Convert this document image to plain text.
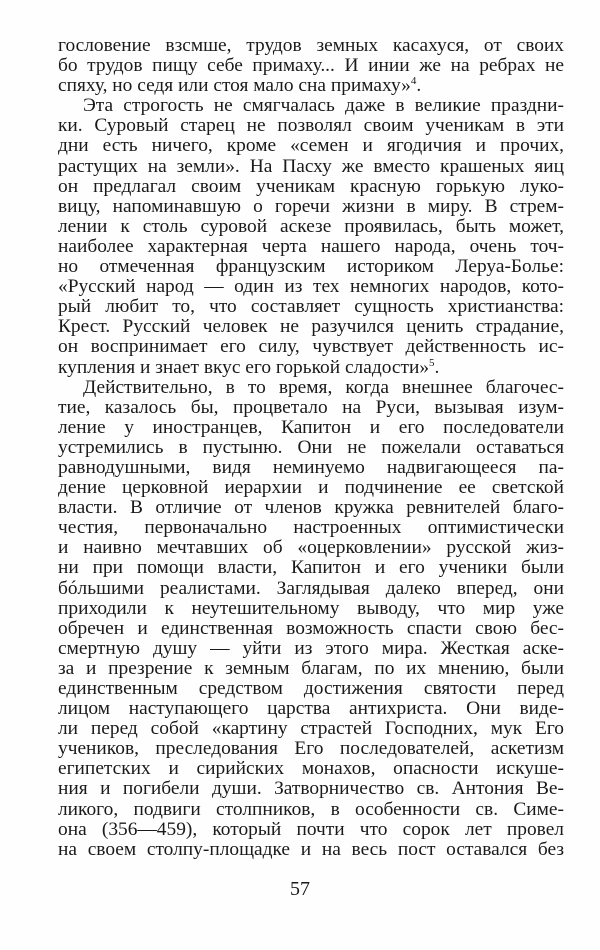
гословение взсмше, трудов земных касахуся, от своих
бо трудов пищу себе примаху... И инии же на ребрах не
спяху, но седя или стоя мало сна примаху»$^4$.
Эта строгость не смягчалась даже в великие праздни-
ки. Суровый старец не позволял своим ученикам в эти
дни есть ничего, кроме «семен и ягодичия и прочих,
растущих на земли». На Пасху же вместо крашеных яиц
он предлагал своим ученикам красную горькую луко-
вицу, напоминавшую о горечи жизни в миру. В стрем-
лении к столь суровой аскезе проявилась, быть может,
наиболее характерная черта нашего народа, очень точ-
но отмеченная французским историком Леруа-Болье:
«Русский народ — один из тех немногих народов, кото-
рый любит то, что составляет сущность христианства:
Крест. Русский человек не разучился ценить страдание,
он воспринимает его силу, чувствует действенность ис-
купления и знает вкус его горькой сладости»$^5$.
Действительно, в то время, когда внешнее благочес-
тие, казалось бы, процветало на Руси, вызывая изум-
ление у иностранцев, Капитон и его последователи
устремились в пустыню. Они не пожелали оставаться
равнодушными, видя неминуемо надвигающееся па-
дение церковной иерархии и подчинение ее светской
власти. В отличие от членов кружка ревнителей благо-
честия, первоначально настроенных оптимистически
и наивно мечтавших об «оцерковлении» русской жиз-
ни при помощи власти, Капитон и его ученики были
бóльшими реалистами. Заглядывая далеко вперед, они
приходили к неутешительному выводу, что мир уже
обречен и единственная возможность спасти свою бес-
смертную душу — уйти из этого мира. Жесткая аске-
за и презрение к земным благам, по их мнению, были
единственным средством достижения святости перед
лицом наступающего царства антихриста. Они виде-
ли перед собой «картину страстей Господних, мук Его
учеников, преследования Его последователей, аскетизм
египетских и сирийских монахов, опасности искуше-
ния и погибели души. Затворничество св. Антония Ве-
ликого, подвиги столпников, в особенности св. Симе-
она (356—459), который почти что сорок лет провел
на своем столпу-площадке и на весь пост оставался без
57
